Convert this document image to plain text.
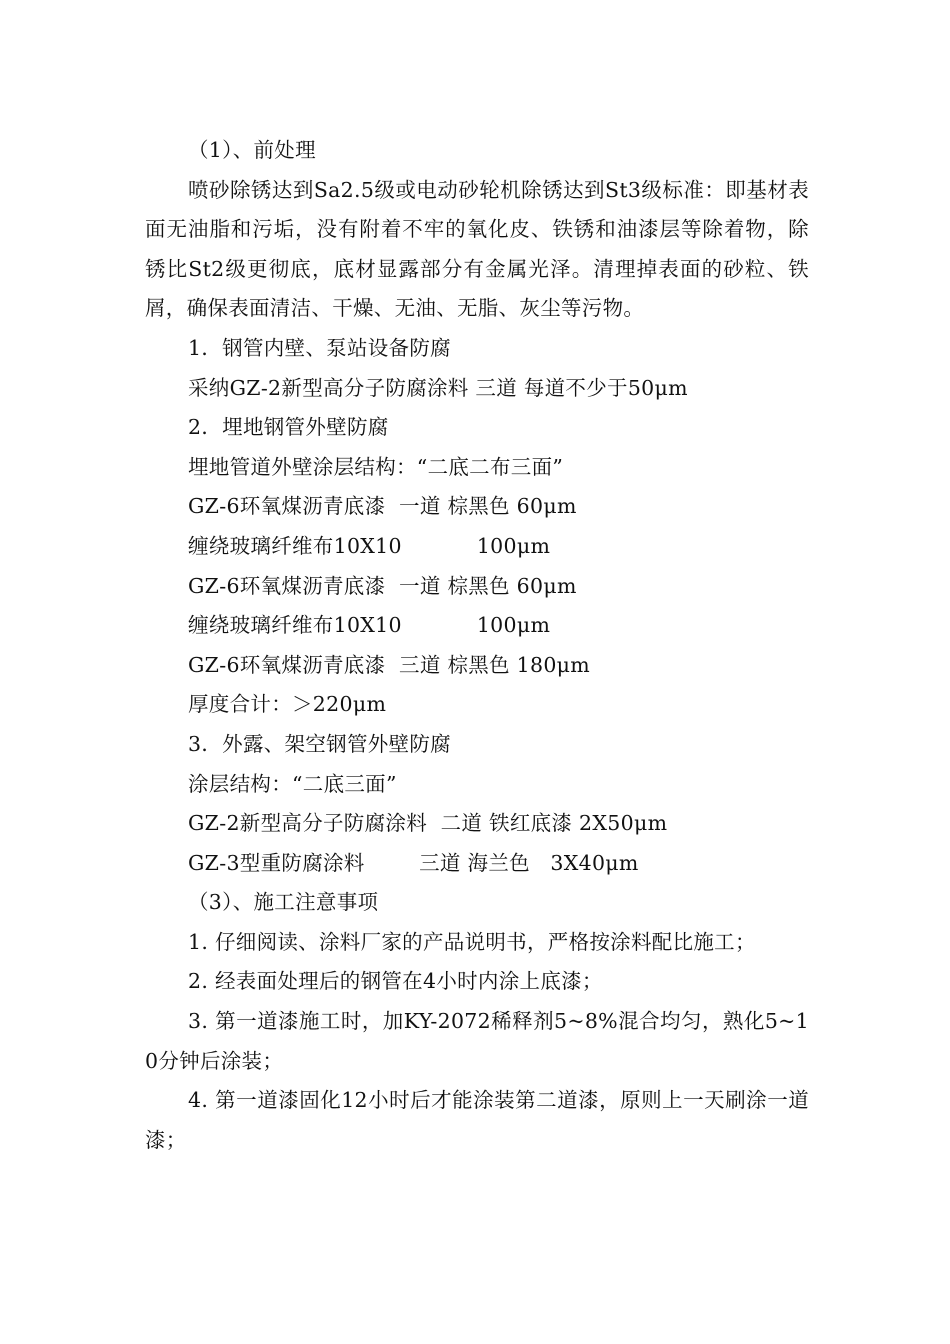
（1）、前处理

喷砂除锈达到Sa2.5级或电动砂轮机除锈达到St3级标准：即基材表面无油脂和污垢，没有附着不牢的氧化皮、铁锈和油漆层等除着物，除锈比St2级更彻底，底材显露部分有金属光泽。清理掉表面的砂粒、铁屑，确保表面清洁、干燥、无油、无脂、灰尘等污物。

1．钢管内壁、泵站设备防腐

采纳GZ-2新型高分子防腐涂料 三道 每道不少于50μm

2．埋地钢管外壁防腐

埋地管道外壁涂层结构：“二底二布三面”

GZ-6环氧煤沥青底漆  一道 棕黑色 60μm

缠绕玻璃纤维布10X10           100μm

GZ-6环氧煤沥青底漆  一道 棕黑色 60μm

缠绕玻璃纤维布10X10           100μm

GZ-6环氧煤沥青底漆  三道 棕黑色 180μm

厚度合计：＞220μm

3．外露、架空钢管外壁防腐

涂层结构：“二底三面”

GZ-2新型高分子防腐涂料  二道 铁红底漆 2X50μm

GZ-3型重防腐涂料        三道 海兰色   3X40μm

（3）、施工注意事项

1. 仔细阅读、涂料厂家的产品说明书，严格按涂料配比施工；

2. 经表面处理后的钢管在4小时内涂上底漆；

3. 第一道漆施工时，加KY-2072稀释剂5~8%混合均匀，熟化5~10分钟后涂装；

4. 第一道漆固化12小时后才能涂装第二道漆，原则上一天刷涂一道漆；
